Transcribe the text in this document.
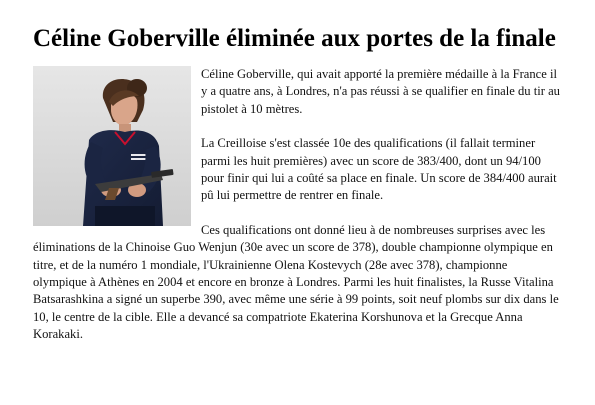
Céline Goberville éliminée aux portes de la finale

Céline Goberville, qui avait apporté la première médaille à la France il y a quatre ans, à Londres, n'a pas réussi à se qualifier en finale du tir au pistolet à 10 mètres.

La Creilloise s'est classée 10e des qualifications (il fallait terminer parmi les huit premières) avec un score de 383/400, dont un 94/100 pour finir qui lui a coûté sa place en finale. Un score de 384/400 aurait pû lui permettre de rentrer en finale.

Ces qualifications ont donné lieu à de nombreuses surprises avec les éliminations de la Chinoise Guo Wenjun (30e avec un score de 378), double championne olympique en titre, et de la numéro 1 mondiale, l'Ukrainienne Olena Kostevych (28e avec 378), championne olympique à Athènes en 2004 et encore en bronze à Londres. Parmi les huit finalistes, la Russe Vitalina Batsarashkina a signé un superbe 390, avec même une série à 99 points, soit neuf plombs sur dix dans le 10, le centre de la cible. Elle a devancé sa compatriote Ekaterina Korshunova et la Grecque Anna Korakaki.
